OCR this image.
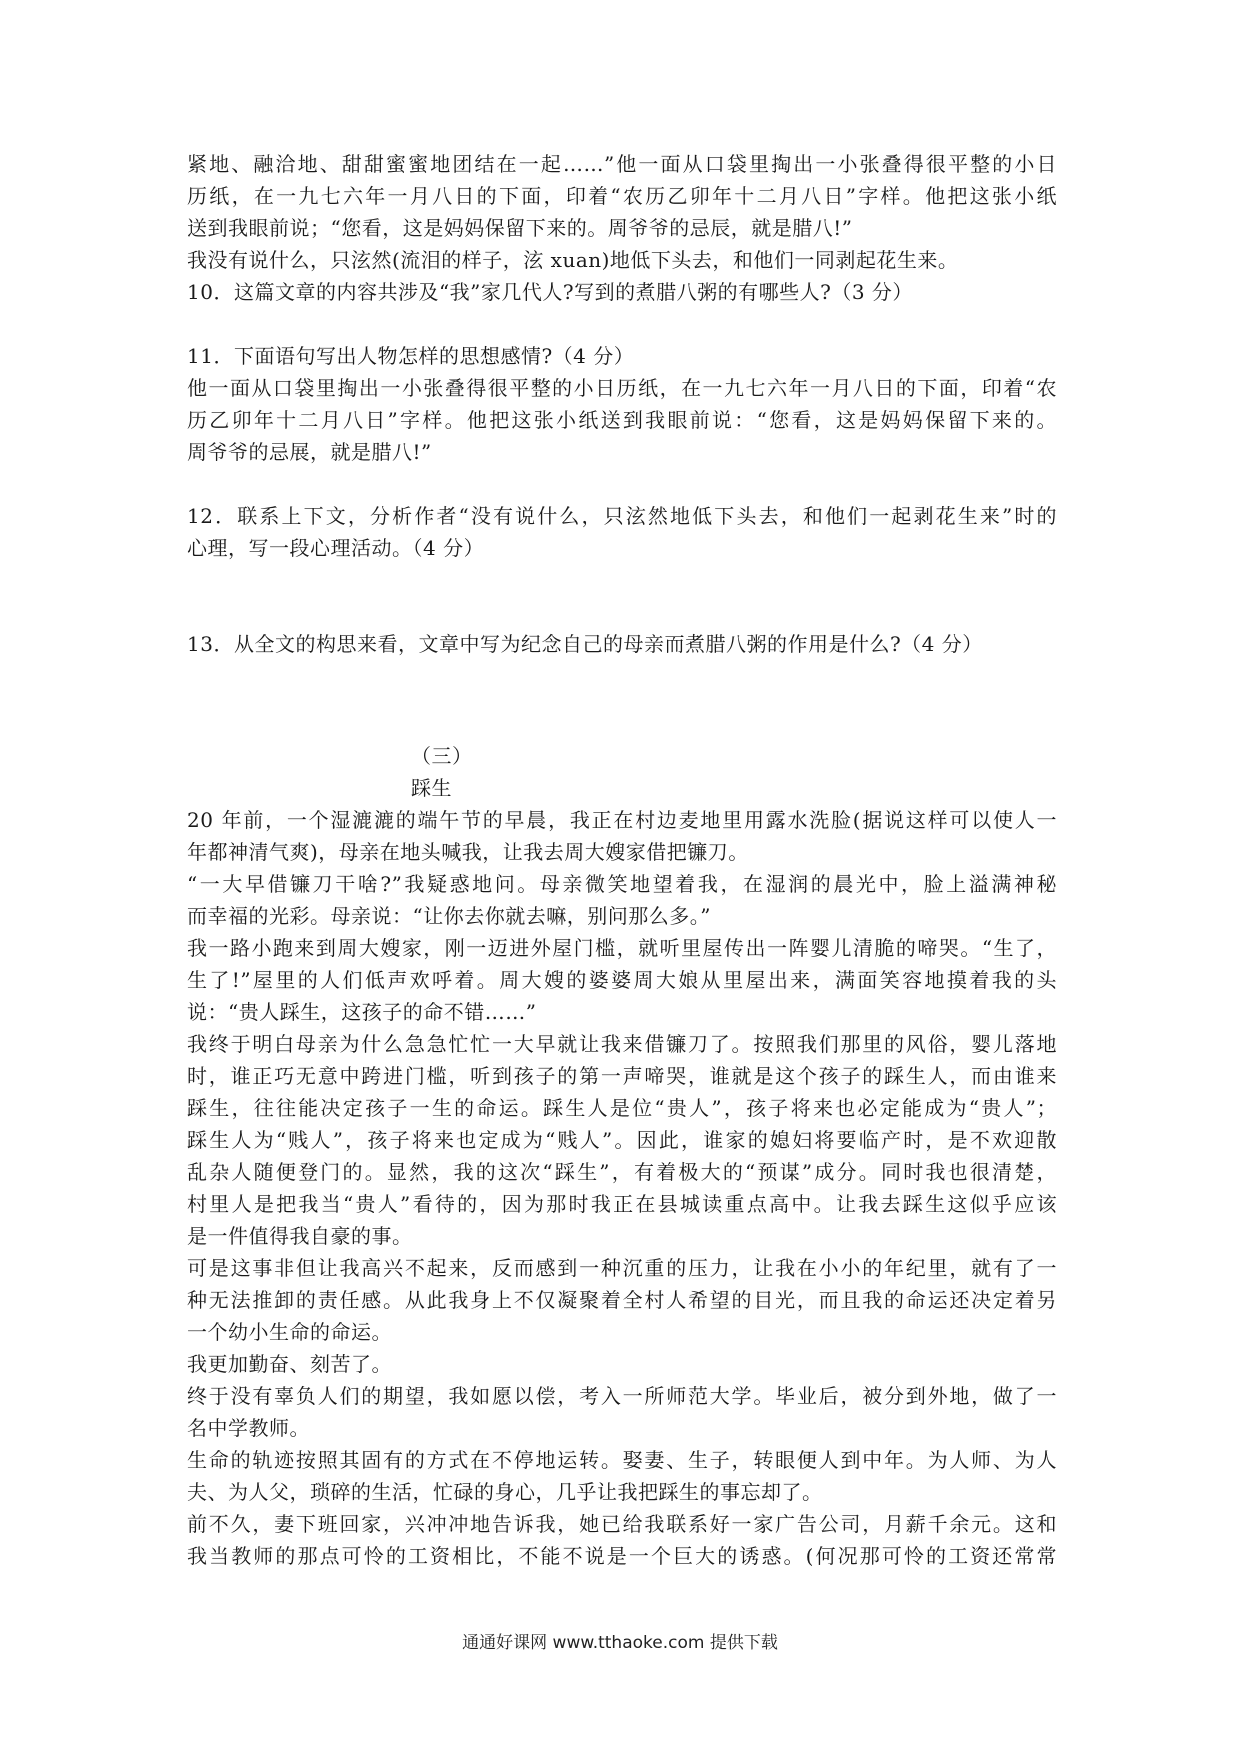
紧地、融洽地、甜甜蜜蜜地团结在一起……”他一面从口袋里掏出一小张叠得很平整的小日
历纸，在一九七六年一月八日的下面，印着“农历乙卯年十二月八日”字样。他把这张小纸
送到我眼前说；“您看，这是妈妈保留下来的。周爷爷的忌辰，就是腊八!”
我没有说什么，只泫然(流泪的样子，泫 xuan)地低下头去，和他们一同剥起花生来。
10．这篇文章的内容共涉及“我”家几代人?写到的煮腊八粥的有哪些人?（3 分）
11．下面语句写出人物怎样的思想感情?（4 分）
他一面从口袋里掏出一小张叠得很平整的小日历纸，在一九七六年一月八日的下面，印着“农
历乙卯年十二月八日”字样。他把这张小纸送到我眼前说：“您看，这是妈妈保留下来的。
周爷爷的忌展，就是腊八!”
12．联系上下文，分析作者“没有说什么，只泫然地低下头去，和他们一起剥花生来”时的
心理，写一段心理活动。（4 分）
13．从全文的构思来看，文章中写为纪念自己的母亲而煮腊八粥的作用是什么?（4 分）
（三）
踩生
20 年前，一个湿漉漉的端午节的早晨，我正在村边麦地里用露水洗脸(据说这样可以使人一
年都神清气爽)，母亲在地头喊我，让我去周大嫂家借把镰刀。
“一大早借镰刀干啥?”我疑惑地问。母亲微笑地望着我，在湿润的晨光中，脸上溢满神秘
而幸福的光彩。母亲说：“让你去你就去嘛，别问那么多。”
我一路小跑来到周大嫂家，刚一迈进外屋门槛，就听里屋传出一阵婴儿清脆的啼哭。“生了，
生了!”屋里的人们低声欢呼着。周大嫂的婆婆周大娘从里屋出来，满面笑容地摸着我的头
说：“贵人踩生，这孩子的命不错……”
我终于明白母亲为什么急急忙忙一大早就让我来借镰刀了。按照我们那里的风俗，婴儿落地
时，谁正巧无意中跨进门槛，听到孩子的第一声啼哭，谁就是这个孩子的踩生人，而由谁来
踩生，往往能决定孩子一生的命运。踩生人是位“贵人”，孩子将来也必定能成为“贵人”；
踩生人为“贱人”，孩子将来也定成为“贱人”。因此，谁家的媳妇将要临产时，是不欢迎散
乱杂人随便登门的。显然，我的这次“踩生”，有着极大的“预谋”成分。同时我也很清楚，
村里人是把我当“贵人”看待的，因为那时我正在县城读重点高中。让我去踩生这似乎应该
是一件值得我自豪的事。
可是这事非但让我高兴不起来，反而感到一种沉重的压力，让我在小小的年纪里，就有了一
种无法推卸的责任感。从此我身上不仅凝聚着全村人希望的目光，而且我的命运还决定着另
一个幼小生命的命运。
我更加勤奋、刻苦了。
终于没有辜负人们的期望，我如愿以偿，考入一所师范大学。毕业后，被分到外地，做了一
名中学教师。
生命的轨迹按照其固有的方式在不停地运转。娶妻、生子，转眼便人到中年。为人师、为人
夫、为人父，琐碎的生活，忙碌的身心，几乎让我把踩生的事忘却了。
前不久，妻下班回家，兴冲冲地告诉我，她已给我联系好一家广告公司，月薪千余元。这和
我当教师的那点可怜的工资相比，不能不说是一个巨大的诱惑。(何况那可怜的工资还常常
通通好课网 www.tthaoke.com 提供下载
